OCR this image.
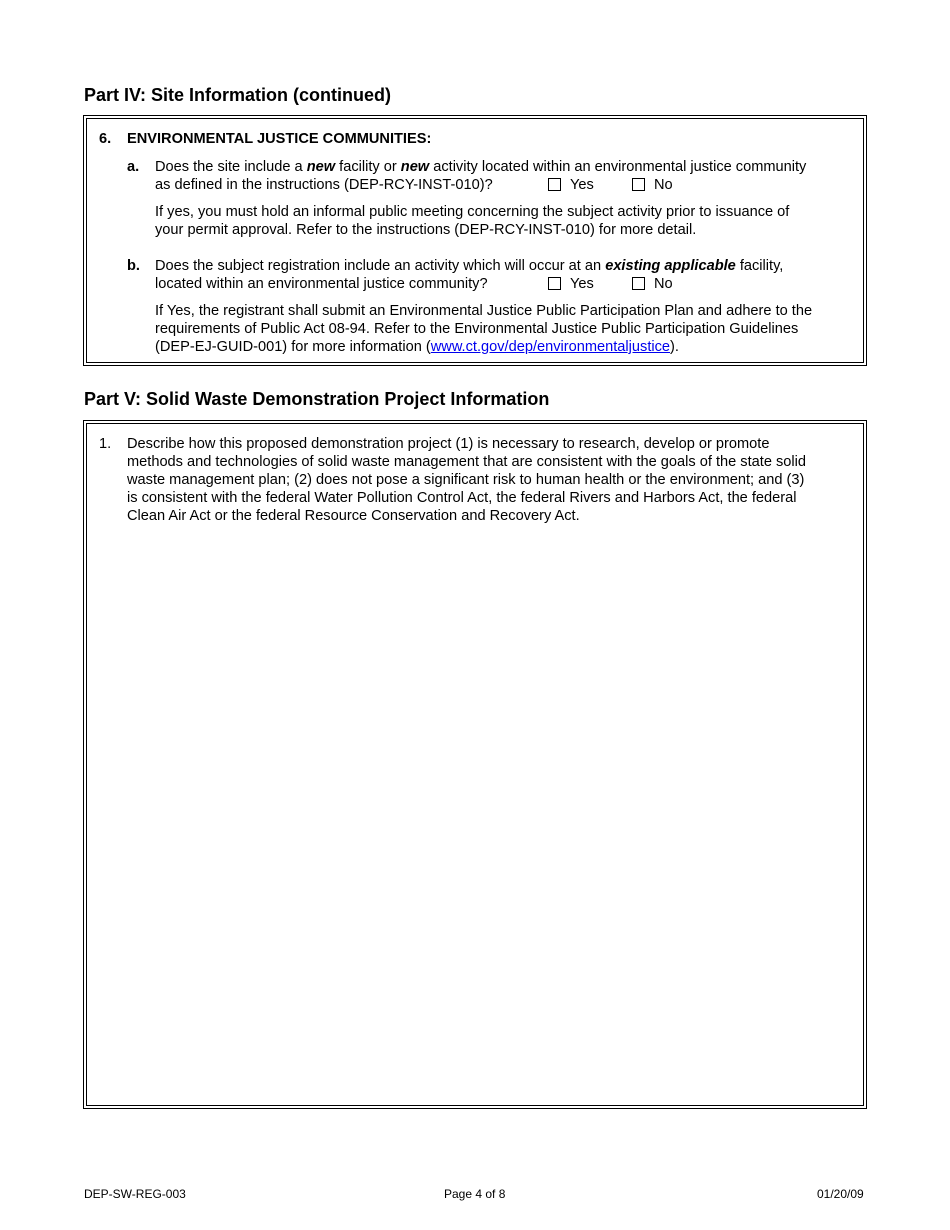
Part IV: Site Information (continued)
6. ENVIRONMENTAL JUSTICE COMMUNITIES:
a. Does the site include a new facility or new activity located within an environmental justice community
as defined in the instructions (DEP-RCY-INST-010)?	Yes	No
If yes, you must hold an informal public meeting concerning the subject activity prior to issuance of
your permit approval. Refer to the instructions (DEP-RCY-INST-010) for more detail.
b. Does the subject registration include an activity which will occur at an existing applicable facility,
located within an environmental justice community?	Yes	No
If Yes, the registrant shall submit an Environmental Justice Public Participation Plan and adhere to the
requirements of Public Act 08-94. Refer to the Environmental Justice Public Participation Guidelines
(DEP-EJ-GUID-001) for more information (www.ct.gov/dep/environmentaljustice).
Part V: Solid Waste Demonstration Project Information
1. Describe how this proposed demonstration project (1) is necessary to research, develop or promote
methods and technologies of solid waste management that are consistent with the goals of the state solid
waste management plan; (2) does not pose a significant risk to human health or the environment; and (3)
is consistent with the federal Water Pollution Control Act, the federal Rivers and Harbors Act, the federal
Clean Air Act or the federal Resource Conservation and Recovery Act.
DEP-SW-REG-003	Page 4 of 8	01/20/09
